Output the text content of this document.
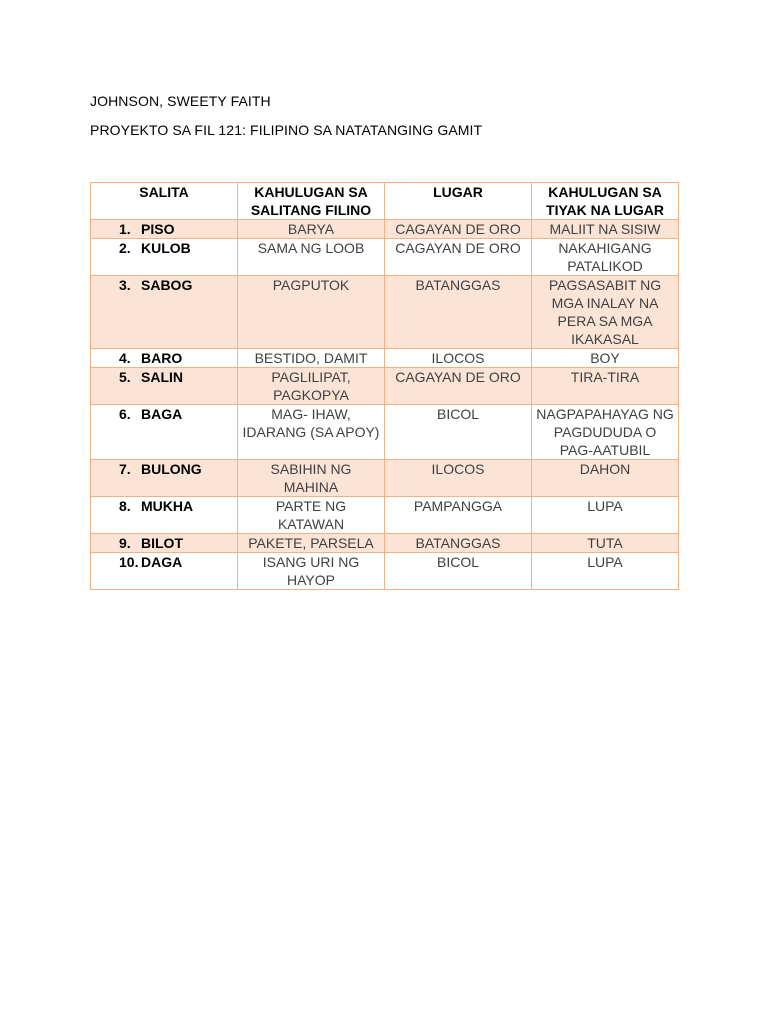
JOHNSON, SWEETY FAITH
PROYEKTO SA FIL 121: FILIPINO SA NATATANGING GAMIT
SALITA	KAHULUGAN SA SALITANG FILINO	LUGAR	KAHULUGAN SA TIYAK NA LUGAR
1. PISO	BARYA	CAGAYAN DE ORO	MALIIT NA SISIW
2. KULOB	SAMA NG LOOB	CAGAYAN DE ORO	NAKAHIGANG PATALIKOD
3. SABOG	PAGPUTOK	BATANGGAS	PAGSASABIT NG MGA INALAY NA PERA SA MGA IKAKASAL
4. BARO	BESTIDO, DAMIT	ILOCOS	BOY
5. SALIN	PAGLILIPAT, PAGKOPYA	CAGAYAN DE ORO	TIRA-TIRA
6. BAGA	MAG- IHAW, IDARANG (SA APOY)	BICOL	NAGPAPAHAYAG NG PAGDUDUDA O PAG-AATUBIL
7. BULONG	SABIHIN NG MAHINA	ILOCOS	DAHON
8. MUKHA	PARTE NG KATAWAN	PAMPANGGA	LUPA
9. BILOT	PAKETE, PARSELA	BATANGGAS	TUTA
10. DAGA	ISANG URI NG HAYOP	BICOL	LUPA
